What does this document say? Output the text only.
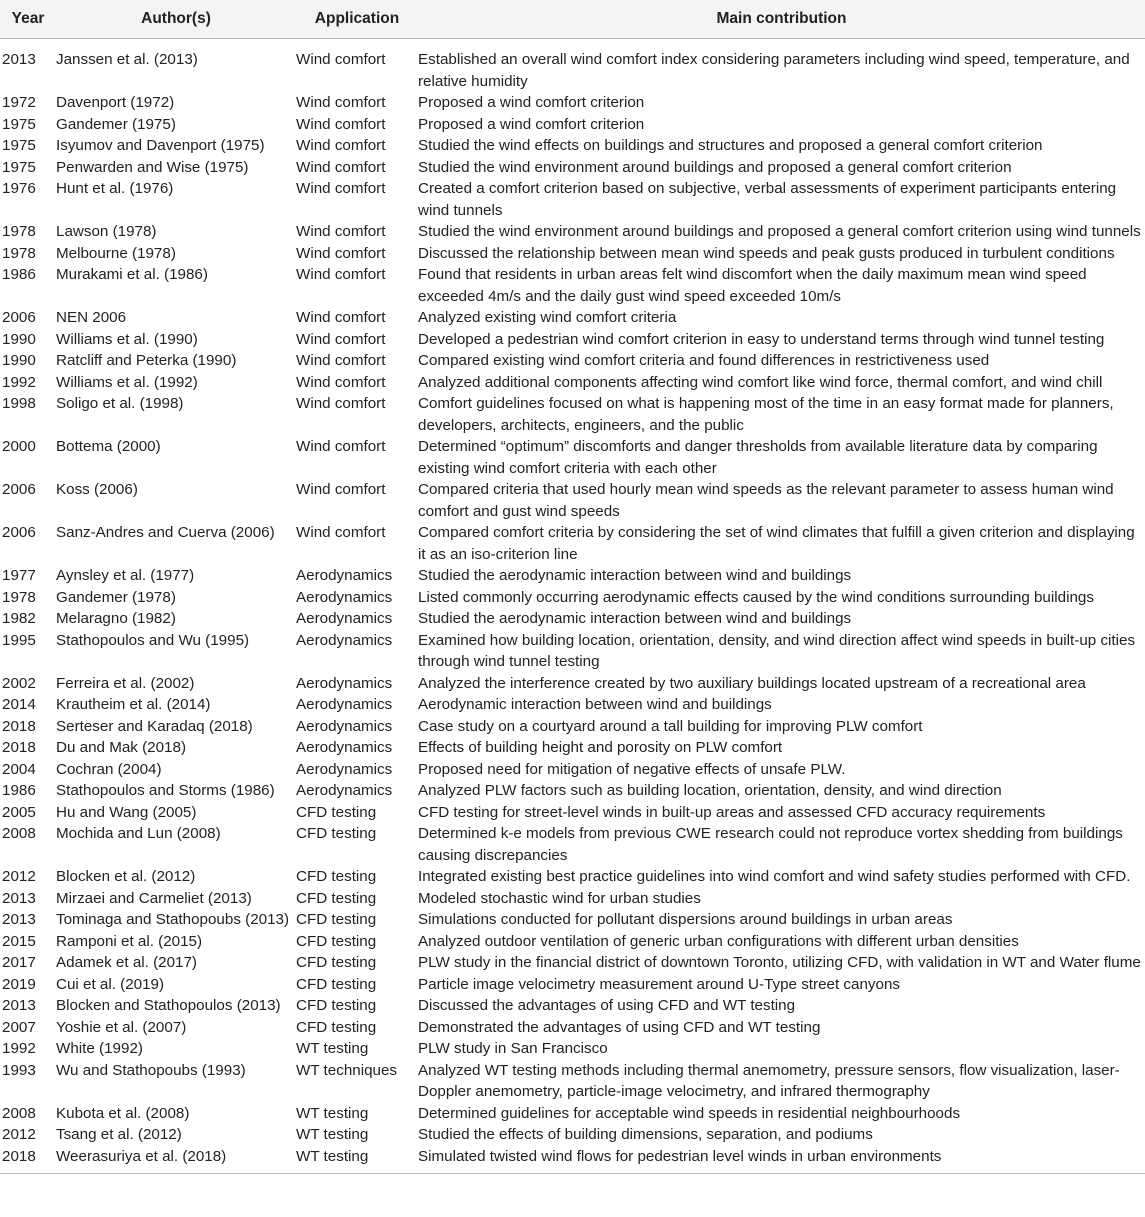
Year	Author(s)	Application	Main contribution
2013	Janssen et al. (2013)	Wind comfort	Established an overall wind comfort index considering parameters including wind speed, temperature, and relative humidity
1972	Davenport (1972)	Wind comfort	Proposed a wind comfort criterion
1975	Gandemer (1975)	Wind comfort	Proposed a wind comfort criterion
1975	Isyumov and Davenport (1975)	Wind comfort	Studied the wind effects on buildings and structures and proposed a general comfort criterion
1975	Penwarden and Wise (1975)	Wind comfort	Studied the wind environment around buildings and proposed a general comfort criterion
1976	Hunt et al. (1976)	Wind comfort	Created a comfort criterion based on subjective, verbal assessments of experiment participants entering wind tunnels
1978	Lawson (1978)	Wind comfort	Studied the wind environment around buildings and proposed a general comfort criterion using wind tunnels
1978	Melbourne (1978)	Wind comfort	Discussed the relationship between mean wind speeds and peak gusts produced in turbulent conditions
1986	Murakami et al. (1986)	Wind comfort	Found that residents in urban areas felt wind discomfort when the daily maximum mean wind speed exceeded 4m/s and the daily gust wind speed exceeded 10m/s
2006	NEN 2006	Wind comfort	Analyzed existing wind comfort criteria
1990	Williams et al. (1990)	Wind comfort	Developed a pedestrian wind comfort criterion in easy to understand terms through wind tunnel testing
1990	Ratcliff and Peterka (1990)	Wind comfort	Compared existing wind comfort criteria and found differences in restrictiveness used
1992	Williams et al. (1992)	Wind comfort	Analyzed additional components affecting wind comfort like wind force, thermal comfort, and wind chill
1998	Soligo et al. (1998)	Wind comfort	Comfort guidelines focused on what is happening most of the time in an easy format made for planners, developers, architects, engineers, and the public
2000	Bottema (2000)	Wind comfort	Determined “optimum” discomforts and danger thresholds from available literature data by comparing existing wind comfort criteria with each other
2006	Koss (2006)	Wind comfort	Compared criteria that used hourly mean wind speeds as the relevant parameter to assess human wind comfort and gust wind speeds
2006	Sanz-Andres and Cuerva (2006)	Wind comfort	Compared comfort criteria by considering the set of wind climates that fulfill a given criterion and displaying it as an iso-criterion line
1977	Aynsley et al. (1977)	Aerodynamics	Studied the aerodynamic interaction between wind and buildings
1978	Gandemer (1978)	Aerodynamics	Listed commonly occurring aerodynamic effects caused by the wind conditions surrounding buildings
1982	Melaragno (1982)	Aerodynamics	Studied the aerodynamic interaction between wind and buildings
1995	Stathopoulos and Wu (1995)	Aerodynamics	Examined how building location, orientation, density, and wind direction affect wind speeds in built-up cities through wind tunnel testing
2002	Ferreira et al. (2002)	Aerodynamics	Analyzed the interference created by two auxiliary buildings located upstream of a recreational area
2014	Krautheim et al. (2014)	Aerodynamics	Aerodynamic interaction between wind and buildings
2018	Serteser and Karadaq (2018)	Aerodynamics	Case study on a courtyard around a tall building for improving PLW comfort
2018	Du and Mak (2018)	Aerodynamics	Effects of building height and porosity on PLW comfort
2004	Cochran (2004)	Aerodynamics	Proposed need for mitigation of negative effects of unsafe PLW.
1986	Stathopoulos and Storms (1986)	Aerodynamics	Analyzed PLW factors such as building location, orientation, density, and wind direction
2005	Hu and Wang (2005)	CFD testing	CFD testing for street-level winds in built-up areas and assessed CFD accuracy requirements
2008	Mochida and Lun (2008)	CFD testing	Determined k-e models from previous CWE research could not reproduce vortex shedding from buildings causing discrepancies
2012	Blocken et al. (2012)	CFD testing	Integrated existing best practice guidelines into wind comfort and wind safety studies performed with CFD.
2013	Mirzaei and Carmeliet (2013)	CFD testing	Modeled stochastic wind for urban studies
2013	Tominaga and Stathopoubs (2013)	CFD testing	Simulations conducted for pollutant dispersions around buildings in urban areas
2015	Ramponi et al. (2015)	CFD testing	Analyzed outdoor ventilation of generic urban configurations with different urban densities
2017	Adamek et al. (2017)	CFD testing	PLW study in the financial district of downtown Toronto, utilizing CFD, with validation in WT and Water flume
2019	Cui et al. (2019)	CFD testing	Particle image velocimetry measurement around U-Type street canyons
2013	Blocken and Stathopoulos (2013)	CFD testing	Discussed the advantages of using CFD and WT testing
2007	Yoshie et al. (2007)	CFD testing	Demonstrated the advantages of using CFD and WT testing
1992	White (1992)	WT testing	PLW study in San Francisco
1993	Wu and Stathopoubs (1993)	WT techniques	Analyzed WT testing methods including thermal anemometry, pressure sensors, flow visualization, laser-Doppler anemometry, particle-image velocimetry, and infrared thermography
2008	Kubota et al. (2008)	WT testing	Determined guidelines for acceptable wind speeds in residential neighbourhoods
2012	Tsang et al. (2012)	WT testing	Studied the effects of building dimensions, separation, and podiums
2018	Weerasuriya et al. (2018)	WT testing	Simulated twisted wind flows for pedestrian level winds in urban environments
